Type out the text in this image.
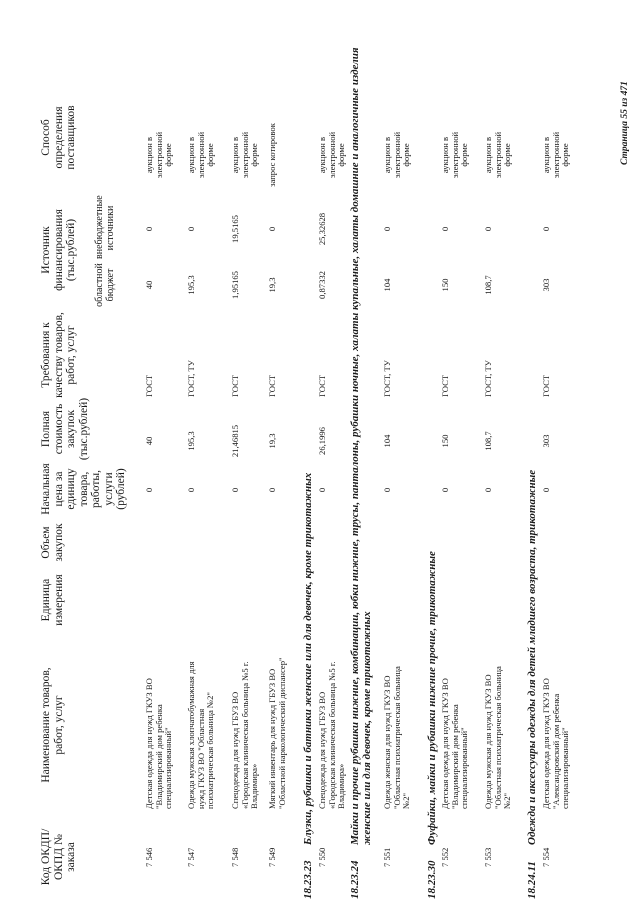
Код ОКДП/ ОКПД № заказа
Наименование товаров, работ, услуг
Единица измерения
Объем закупок
Начальная цена за единицу товара, работы, услуги (рублей)
Полная стоимость закупок (тыс.рублей)
Требования к качеству товаров, работ, услуг
Источник финансирования (тыс.рублей)
областной бюджет
внебюджетные источники
Способ определения поставщиков
7 546
Детская одежда для нужд ГКУЗ ВО "Владимирский дом ребенка специализированный"
0
40
ГОСТ
40
0
аукцион в электронной форме
7 547
Одежда мужская хлопчатобумажная для нужд ГКУЗ ВО "Областная психиатрическая больница №2"
0
195,3
ГОСТ, ТУ
195,3
0
аукцион в электронной форме
7 548
Спецодежда для нужд ГБУЗ ВО «Городская клиническая больница №5 г. Владимира»
0
21,46815
ГОСТ
1,95165
19,5165
аукцион в электронной форме
7 549
Мягкий инвентарь для нужд ГБУЗ ВО "Областной наркологический диспансер"
0
19,3
ГОСТ
19,3
0
запрос котировок
18.23.23
Блузки, рубашки и батники женские или для девочек, кроме трикотажных
7 550
Спецодежда для нужд ГБУЗ ВО «Городская клиническая больница №5 г. Владимира»
0
26,1996
ГОСТ
0,87332
25,32628
аукцион в электронной форме
18.23.24
Майки и прочие рубашки нижние, комбинации, юбки нижние, трусы, панталоны, рубашки ночные, халаты купальные, халаты домашние и аналогичные изделия женские или для девочек, кроме трикотажных
7 551
Одежда женская для нужд ГКУЗ ВО "Областная психиатрическая больница №2"
0
104
ГОСТ, ТУ
104
0
аукцион в электронной форме
18.23.30
Фуфайки, майки и рубашки нижние прочие, трикотажные
7 552
Детская одежда для нужд ГКУЗ ВО "Владимирский дом ребенка специализированный"
0
150
ГОСТ
150
0
аукцион в электронной форме
7 553
Одежда мужская для нужд ГКУЗ ВО "Областная психиатрическая больница №2"
0
108,7
ГОСТ, ТУ
108,7
0
аукцион в электронной форме
18.24.11
Одежда и аксессуары одежды для детей младшего возраста, трикотажные
7 554
Детская одежда для нужд ГКУЗ ВО "Александровский дом ребенка специализированный"
0
303
ГОСТ
303
0
аукцион в электронной форме	Страница 55 из 471
